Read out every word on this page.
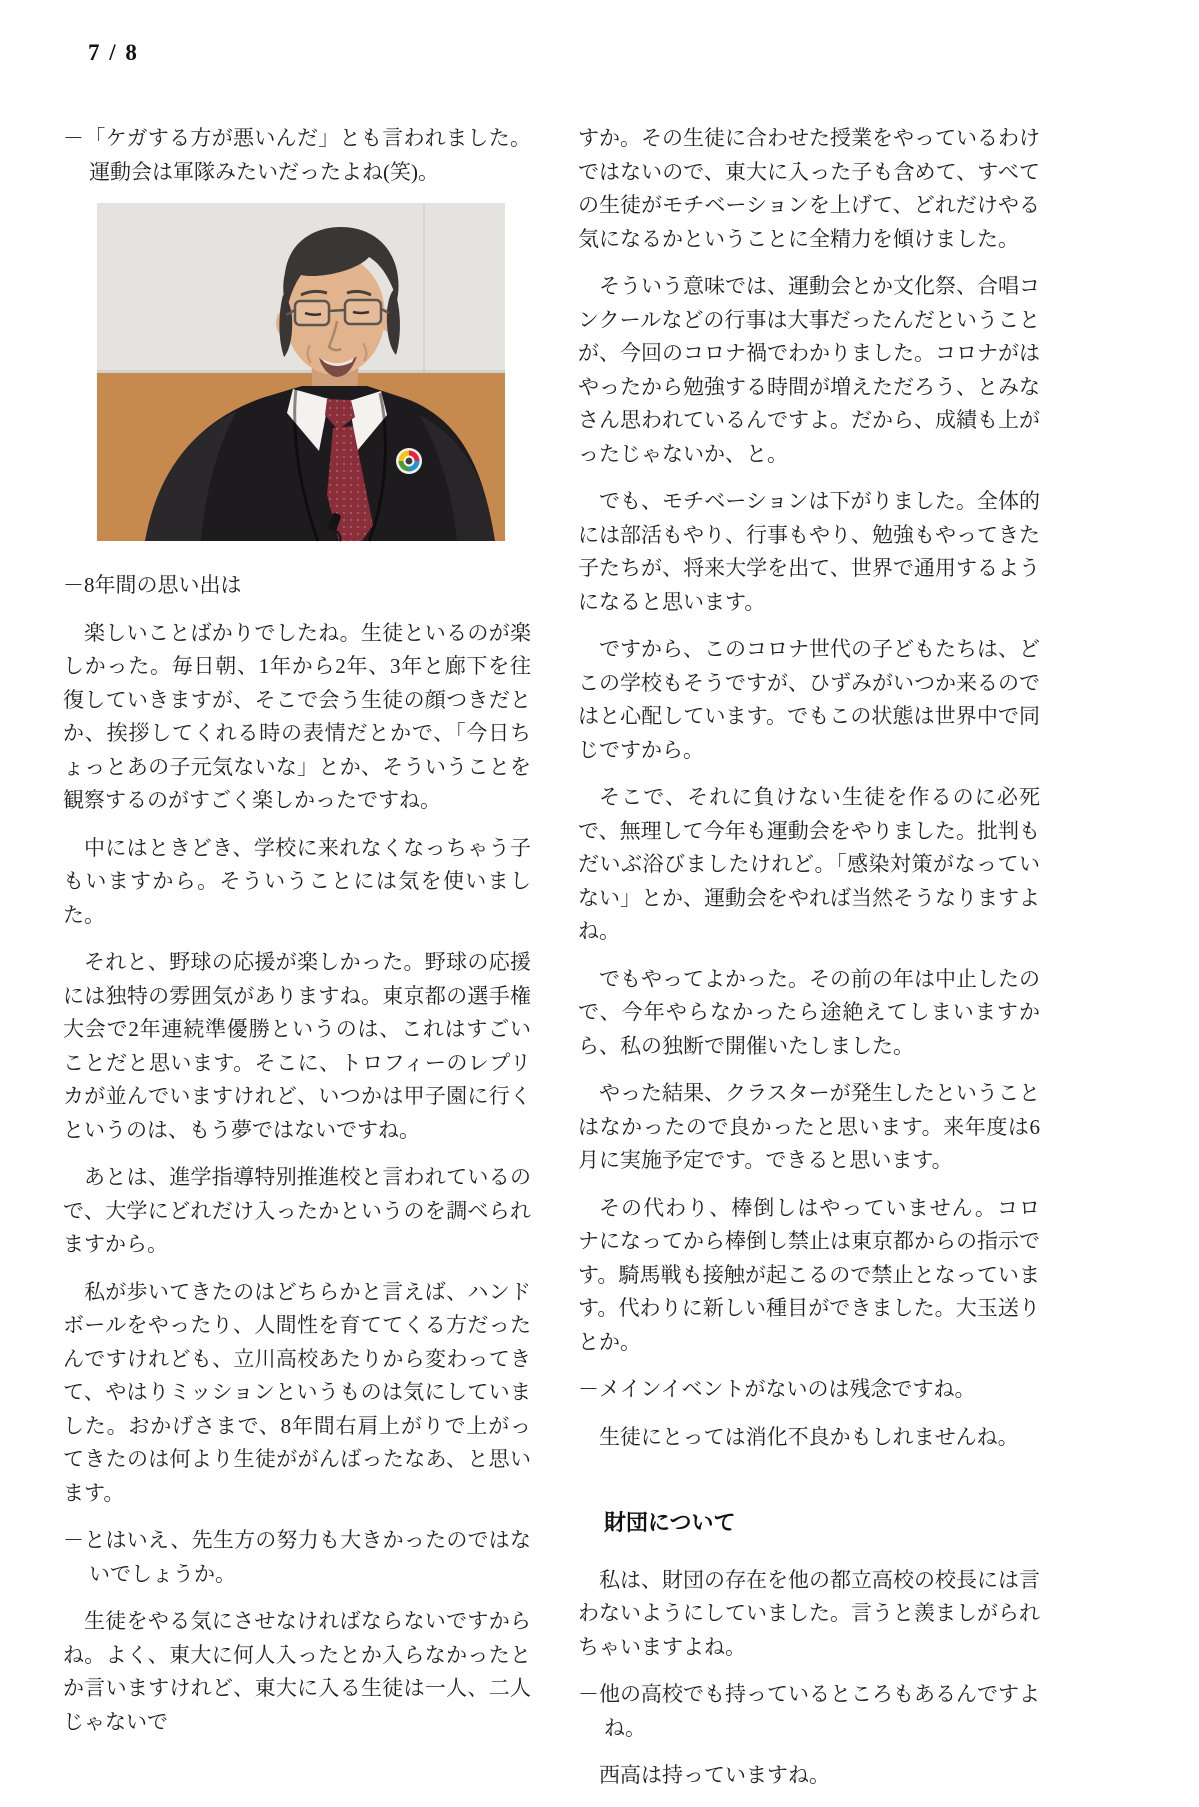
7 / 8

－「ケガする方が悪いんだ」とも言われました。運動会は軍隊みたいだったよね(笑)。

－8年間の思い出は

楽しいことばかりでしたね。生徒といるのが楽しかった。毎日朝、1年から2年、3年と廊下を往復していきますが、そこで会う生徒の顔つきだとか、挨拶してくれる時の表情だとかで、「今日ちょっとあの子元気ないな」とか、そういうことを観察するのがすごく楽しかったですね。

中にはときどき、学校に来れなくなっちゃう子もいますから。そういうことには気を使いました。

それと、野球の応援が楽しかった。野球の応援には独特の雰囲気がありますね。東京都の選手権大会で2年連続準優勝というのは、これはすごいことだと思います。そこに、トロフィーのレプリカが並んでいますけれど、いつかは甲子園に行くというのは、もう夢ではないですね。

あとは、進学指導特別推進校と言われているので、大学にどれだけ入ったかというのを調べられますから。

私が歩いてきたのはどちらかと言えば、ハンドボールをやったり、人間性を育ててくる方だったんですけれども、立川高校あたりから変わってきて、やはりミッションというものは気にしていました。おかげさまで、8年間右肩上がりで上がってきたのは何より生徒ががんばったなあ、と思います。

－とはいえ、先生方の努力も大きかったのではないでしょうか。

生徒をやる気にさせなければならないですからね。よく、東大に何人入ったとか入らなかったとか言いますけれど、東大に入る生徒は一人、二人じゃないで

すか。その生徒に合わせた授業をやっているわけではないので、東大に入った子も含めて、すべての生徒がモチベーションを上げて、どれだけやる気になるかということに全精力を傾けました。

そういう意味では、運動会とか文化祭、合唱コンクールなどの行事は大事だったんだということが、今回のコロナ禍でわかりました。コロナがはやったから勉強する時間が増えただろう、とみなさん思われているんですよ。だから、成績も上がったじゃないか、と。

でも、モチベーションは下がりました。全体的には部活もやり、行事もやり、勉強もやってきた子たちが、将来大学を出て、世界で通用するようになると思います。

ですから、このコロナ世代の子どもたちは、どこの学校もそうですが、ひずみがいつか来るのではと心配しています。でもこの状態は世界中で同じですから。

そこで、それに負けない生徒を作るのに必死で、無理して今年も運動会をやりました。批判もだいぶ浴びましたけれど。「感染対策がなっていない」とか、運動会をやれば当然そうなりますよね。

でもやってよかった。その前の年は中止したので、今年やらなかったら途絶えてしまいますから、私の独断で開催いたしました。

やった結果、クラスターが発生したということはなかったので良かったと思います。来年度は6月に実施予定です。できると思います。

その代わり、棒倒しはやっていません。コロナになってから棒倒し禁止は東京都からの指示です。騎馬戦も接触が起こるので禁止となっています。代わりに新しい種目ができました。大玉送りとか。

－メインイベントがないのは残念ですね。

生徒にとっては消化不良かもしれませんね。

財団について

私は、財団の存在を他の都立高校の校長には言わないようにしていました。言うと羨ましがられちゃいますよね。

－他の高校でも持っているところもあるんですよね。

西高は持っていますね。
